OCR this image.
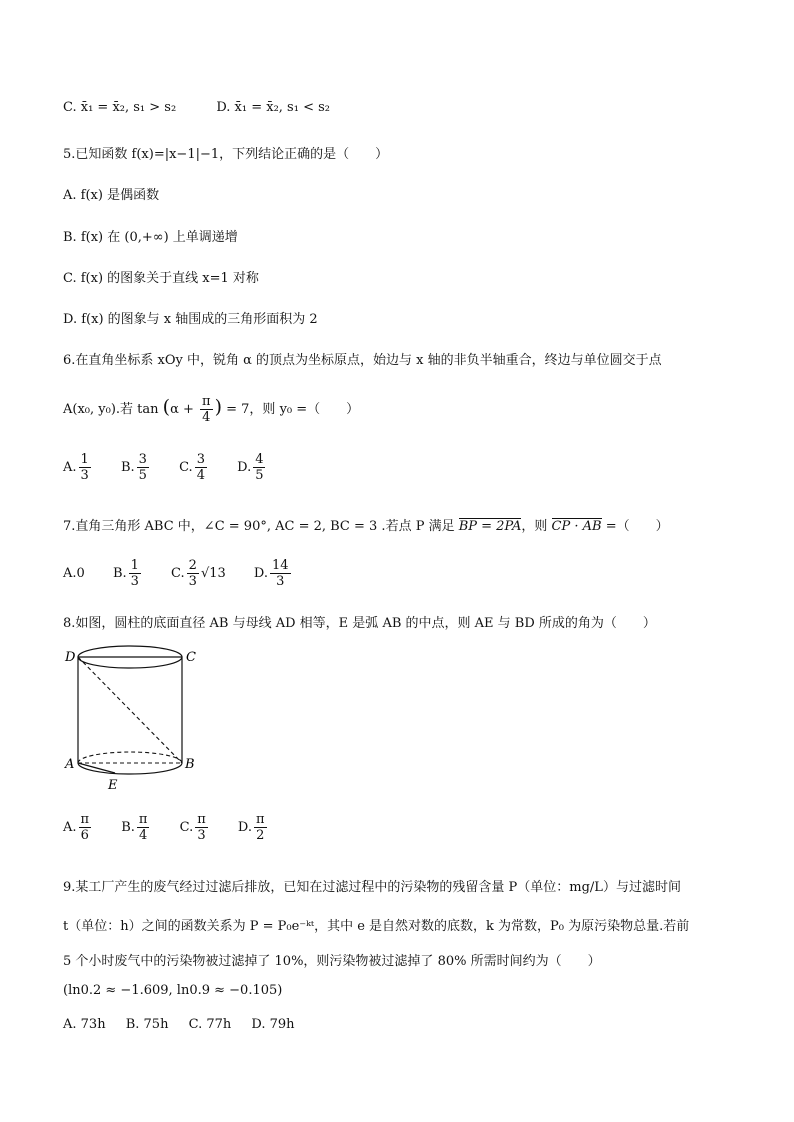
C. x̄₁ = x̄₂, s₁ > s₂	D. x̄₁ = x̄₂, s₁ < s₂
5.已知函数 f(x)=|x−1|−1，下列结论正确的是（　　）
A. f(x) 是偶函数
B. f(x) 在 (0,+∞) 上单调递增
C. f(x) 的图象关于直线 x=1 对称
D. f(x) 的图象与 x 轴围成的三角形面积为 2
6.在直角坐标系 xOy 中，锐角 α 的顶点为坐标原点，始边与 x 轴的非负半轴重合，终边与单位圆交于点
A(x₀, y₀).若 $\tan (\alpha + \frac{\pi}{4}$ ) = 7，则 y₀ =（　　）
A. $\frac{1}{3} B$. $\frac{3}{5} C$. $\frac{3}{4} D$. $\frac{4}{5}$
7.直角三角形 ABC 中，∠C = 90°, AC = 2, BC = 3 .若点 P 满足 BP = 2PA，则 CP · AB =（　　）
A.0 B. $\frac{1}{3} C$. $\frac{2}{3} √13$ D. $\frac{14}{3}$
8.如图，圆柱的底面直径 AB 与母线 AD 相等，E 是弧 AB 的中点，则 AE 与 BD 所成的角为（　　）
D	C
A	B
E
A. $\frac{\pi}{6} B$. $\frac{\pi}{4} C$. $\frac{\pi}{3} D$. $\frac{\pi}{2}$
9.某工厂产生的废气经过过滤后排放，已知在过滤过程中的污染物的残留含量 P（单位：mg/L）与过滤时间
t（单位：h）之间的函数关系为 P = P₀e⁻ᵏᵗ，其中 e 是自然对数的底数，k 为常数，P₀ 为原污染物总量.若前
5 个小时废气中的污染物被过滤掉了 10%，则污染物被过滤掉了 80% 所需时间约为（　　）
(ln0.2 ≈ −1.609, ln0.9 ≈ −0.105)
A. 73h B. 75h C. 77h D. 79h
